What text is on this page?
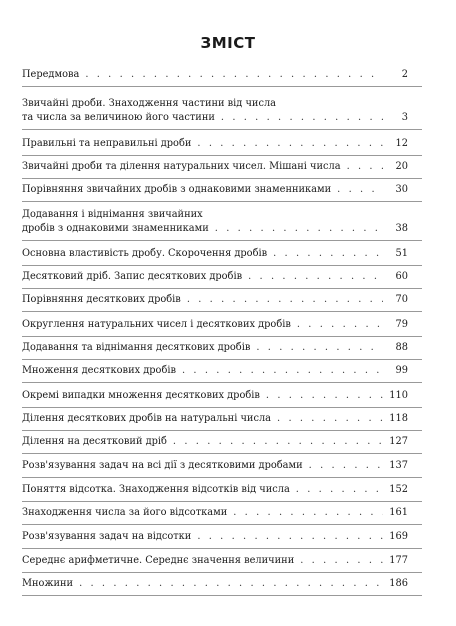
ЗМІСТ
Передмова . . .	2
Звичайні дроби. Знаходження частини від числа
та числа за величиною його частини . . .	3
Правильні та неправильні дроби . . .	12
Звичайні дроби та ділення натуральних чисел. Мішані числа . . .	20
Порівняння звичайних дробів з однаковими знаменниками . . .	30
Додавання і віднімання звичайних
дробів з однаковими знаменниками . . .	38
Основна властивість дробу. Скорочення дробів . . .	51
Десятковий дріб. Запис десяткових дробів . . .	60
Порівняння десяткових дробів . . .	70
Округлення натуральних чисел і десяткових дробів . . .	79
Додавання та віднімання десяткових дробів . . .	88
Множення десяткових дробів . . .	99
Окремі випадки множення десяткових дробів . . .	110
Ділення десяткових дробів на натуральні числа . . .	118
Ділення на десятковий дріб . . .	127
Розв'язування задач на всі дії з десятковими дробами . . .	137
Поняття відсотка. Знаходження відсотків від числа . . .	152
Знаходження числа за його відсотками . . .	161
Розв'язування задач на відсотки . . .	169
Середнє арифметичне. Середнє значення величини . . .	177
Множини . . .	186
